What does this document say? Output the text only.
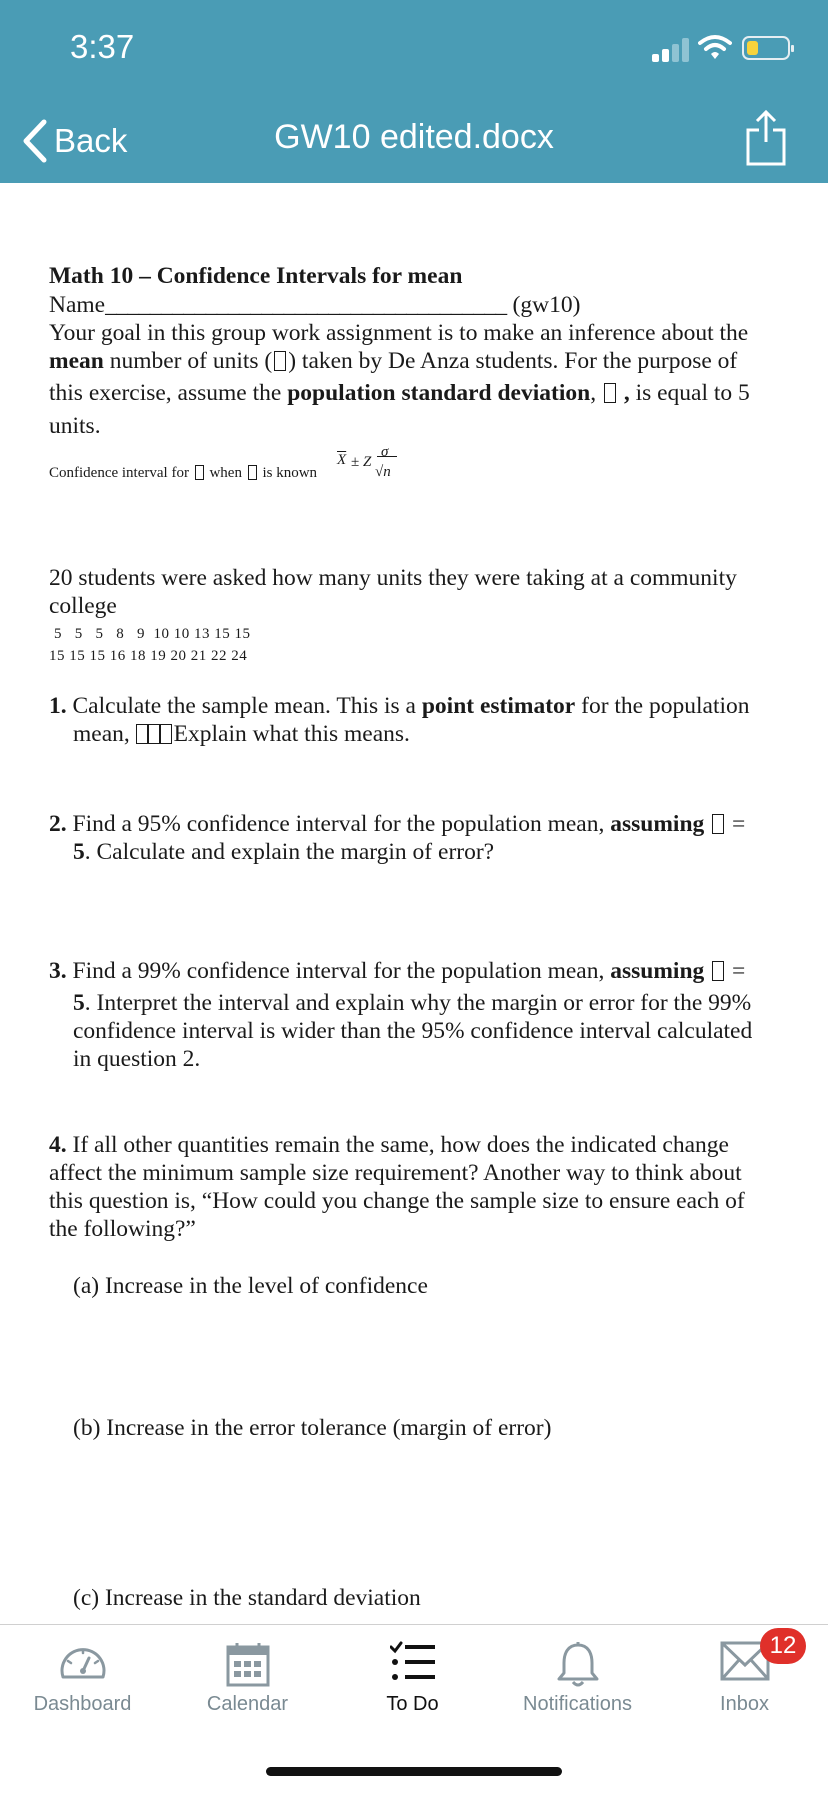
3:37
Back	GW10 edited.docx
Math 10 – Confidence Intervals for mean
Name____________________________________ (gw10)
Your goal in this group work assignment is to make an inference about the
mean number of units ( ) taken by De Anza students. For the purpose of
this exercise, assume the population standard deviation,  , is equal to 5
units.
Confidence interval for  when  is known
$\overline{X} \pm Z$
σ
√n
20 students were asked how many units they were taking at a community
college
5   5   5   8   9  10 10 13 15 15
15 15 15 16 18 19 20 21 22 24
1. Calculate the sample mean. This is a point estimator for the population
mean, Explain what this means.
2. Find a 95% confidence interval for the population mean, assuming  =
5. Calculate and explain the margin of error?
3. Find a 99% confidence interval for the population mean, assuming  =
5. Interpret the interval and explain why the margin or error for the 99%
confidence interval is wider than the 95% confidence interval calculated
in question 2.
4. If all other quantities remain the same, how does the indicated change
affect the minimum sample size requirement? Another way to think about
this question is, “How could you change the sample size to ensure each of
the following?”
(a) Increase in the level of confidence
(b) Increase in the error tolerance (margin of error)
(c) Increase in the standard deviation
Dashboard	Calendar	To Do	Notifications	Inbox
12
